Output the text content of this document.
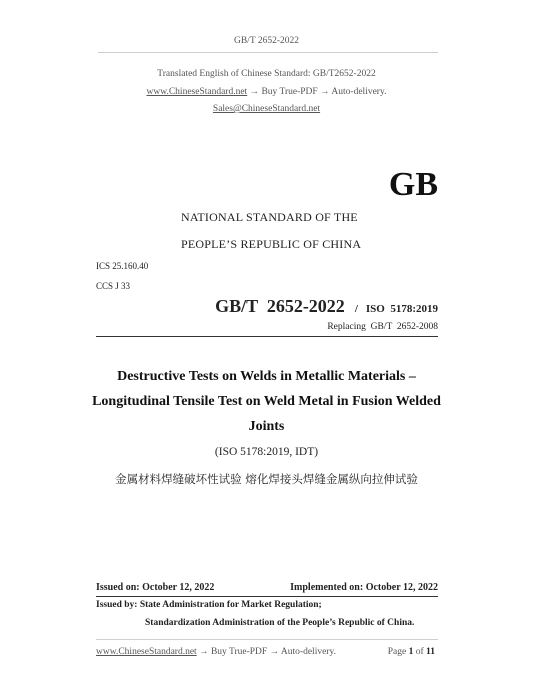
GB/T 2652-2022
Translated English of Chinese Standard: GB/T2652-2022
www.ChineseStandard.net → Buy True-PDF → Auto-delivery.
Sales@ChineseStandard.net
GB
NATIONAL STANDARD OF THE
PEOPLE’S REPUBLIC OF CHINA
ICS 25.160.40
CCS J 33
GB/T  2652-2022 / ISO  5178:2019
Replacing  GB/T  2652-2008
Destructive Tests on Welds in Metallic Materials –
Longitudinal Tensile Test on Weld Metal in Fusion Welded
Joints
(ISO 5178:2019, IDT)
金属材料焊缝破坏性试验 熔化焊接头焊缝金属纵向拉伸试验
Issued on: October 12, 2022	Implemented on: October 12, 2022
Issued by: State Administration for Market Regulation;
Standardization Administration of the People’s Republic of China.
www.ChineseStandard.net → Buy True-PDF → Auto-delivery.	Page 1 of 11
